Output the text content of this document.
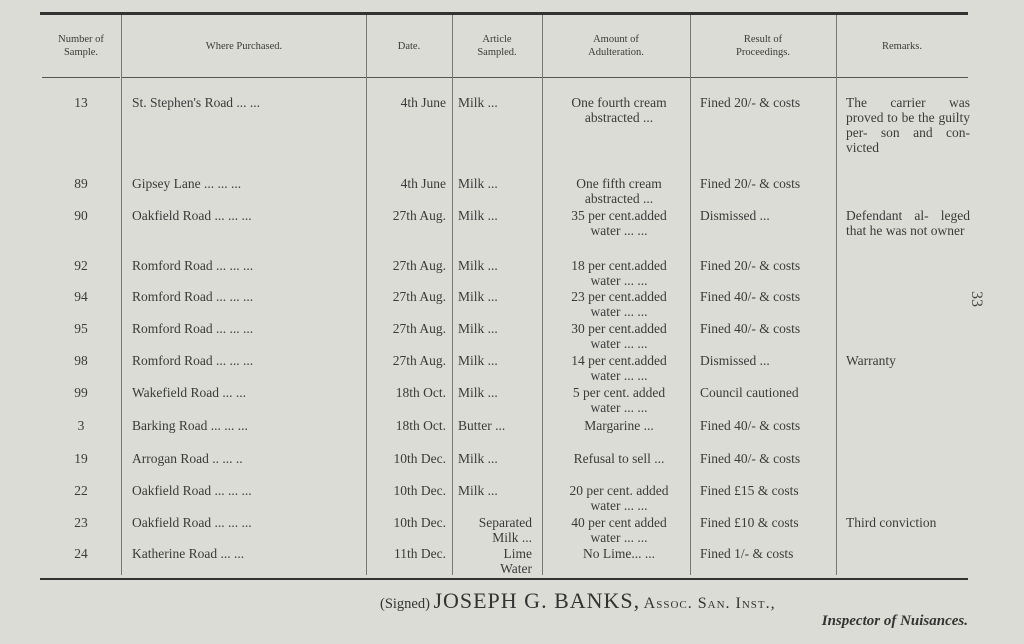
Number of
Sample.
Where Purchased.	Date.
Article
Sampled.
Amount of
Adulteration.
Result of
Proceedings.
Remarks.
13	St. Stephen's Road ... ...	4th June Milk ...	One fourth cream
abstracted ...
Fined 20/- & costs	The carrier was proved to be the guilty per- son and con- victed
89	Gipsey Lane ... ... ...	4th June Milk ...	One fifth cream
abstracted ...
Fined 20/- & costs
90	Oakfield Road ... ... ...	27th Aug. Milk ...	35 per cent.added
water ... ...
Dismissed ...	Defendant al- leged that he was not owner
92	Romford Road ... ... ...	27th Aug. Milk ...	18 per cent.added
water ... ...
Fined 20/- & costs
94	Romford Road ... ... ...	27th Aug. Milk ...	23 per cent.added
water ... ...
Fined 40/- & costs
95	Romford Road ... ... ...	27th Aug. Milk ...	30 per cent.added
water ... ...
Fined 40/- & costs
98	Romford Road ... ... ...	27th Aug. Milk ...	14 per cent.added
water ... ...
Dismissed ...	Warranty
99	Wakefield Road ... ...	18th Oct. Milk ...	5 per cent. added
water ... ...
Council cautioned
3	Barking Road ... ... ...	18th Oct. Butter ...	Margarine ...	Fined 40/- & costs
19	Arrogan Road .. ... ..	10th Dec. Milk ...	Refusal to sell ...	Fined 40/- & costs
22	Oakfield Road ... ... ...	10th Dec. Milk ...	20 per cent. added
water ... ...
Fined £15 & costs
23	Oakfield Road ... ... ...	10th Dec.	Separated
Milk ...
40 per cent added
water ... ...
Fined £10 & costs	Third conviction
24	Katherine Road ... ...	11th Dec.	Lime
Water
No Lime... ...	Fined 1/- & costs
(Signed) JOSEPH G. BANKS, Assoc. San. Inst.,
Inspector of Nuisances.
33
